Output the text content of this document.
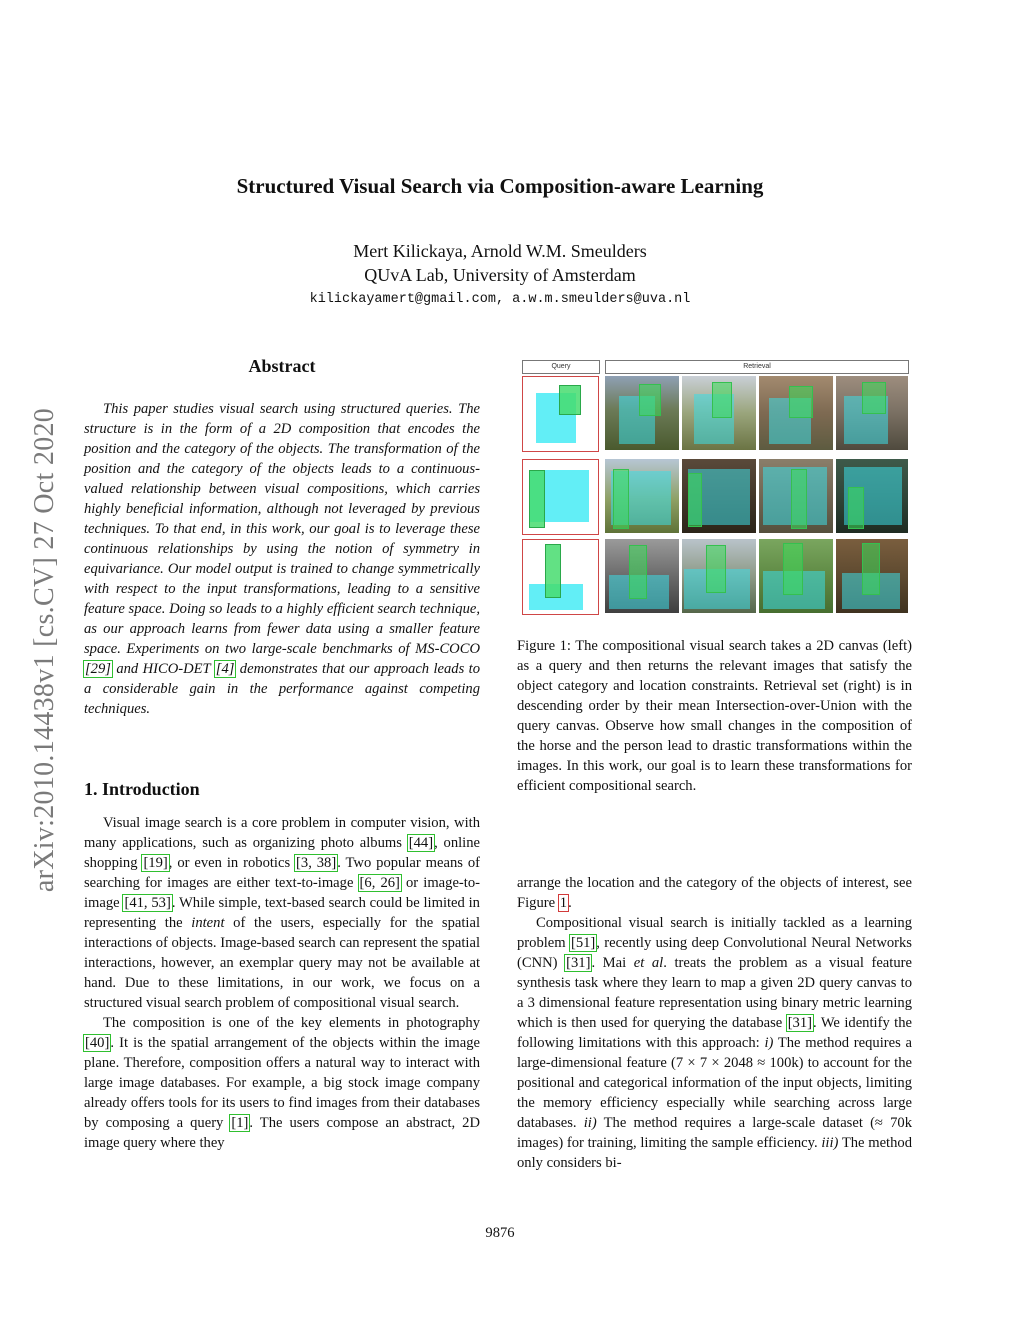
arXiv:2010.14438v1 [cs.CV] 27 Oct 2020
Structured Visual Search via Composition-aware Learning
Mert Kilickaya, Arnold W.M. Smeulders
QUvA Lab, University of Amsterdam
kilickayamert@gmail.com, a.w.m.smeulders@uva.nl
Abstract
This paper studies visual search using structured queries. The structure is in the form of a 2D composition that encodes the position and the category of the objects. The transformation of the position and the category of the objects leads to a continuous-valued relationship between visual compositions, which carries highly beneficial information, although not leveraged by previous techniques. To that end, in this work, our goal is to leverage these continuous relationships by using the notion of symmetry in equivariance. Our model output is trained to change symmetrically with respect to the input transformations, leading to a sensitive feature space. Doing so leads to a highly efficient search technique, as our approach learns from fewer data using a smaller feature space. Experiments on two large-scale benchmarks of MS-COCO [29] and HICO-DET [4] demonstrates that our approach leads to a considerable gain in the performance against competing techniques.
1. Introduction

Visual image search is a core problem in computer vision, with many applications, such as organizing photo albums [44], online shopping [19], or even in robotics [3, 38]. Two popular means of searching for images are either text-to-image [6, 26] or image-to-image [41, 53]. While simple, text-based search could be limited in representing the intent of the users, especially for the spatial interactions of objects. Image-based search can represent the spatial interactions, however, an exemplar query may not be available at hand. Due to these limitations, in our work, we focus on a structured visual search problem of compositional visual search.

The composition is one of the key elements in photography [40]. It is the spatial arrangement of the objects within the image plane. Therefore, composition offers a natural way to interact with large image databases. For example, a big stock image company already offers tools for its users to find images from their databases by composing a query [1]. The users compose an abstract, 2D image query where they

Query	Retrieval
Figure 1: The compositional visual search takes a 2D canvas (left) as a query and then returns the relevant images that satisfy the object category and location constraints. Retrieval set (right) is in descending order by their mean Intersection-over-Union with the query canvas. Observe how small changes in the composition of the horse and the person lead to drastic transformations within the images. In this work, our goal is to learn these transformations for efficient compositional search.

arrange the location and the category of the objects of interest, see Figure 1.

Compositional visual search is initially tackled as a learning problem [51], recently using deep Convolutional Neural Networks (CNN) [31]. Mai et al. treats the problem as a visual feature synthesis task where they learn to map a given 2D query canvas to a 3 dimensional feature representation using binary metric learning which is then used for querying the database [31]. We identify the following limitations with this approach: i) The method requires a large-dimensional feature (7 × 7 × 2048 ≈ 100k) to account for the positional and categorical information of the input objects, limiting the memory efficiency especially while searching across large databases. ii) The method requires a large-scale dataset (≈ 70k images) for training, limiting the sample efficiency. iii) The method only considers bi-

9876
